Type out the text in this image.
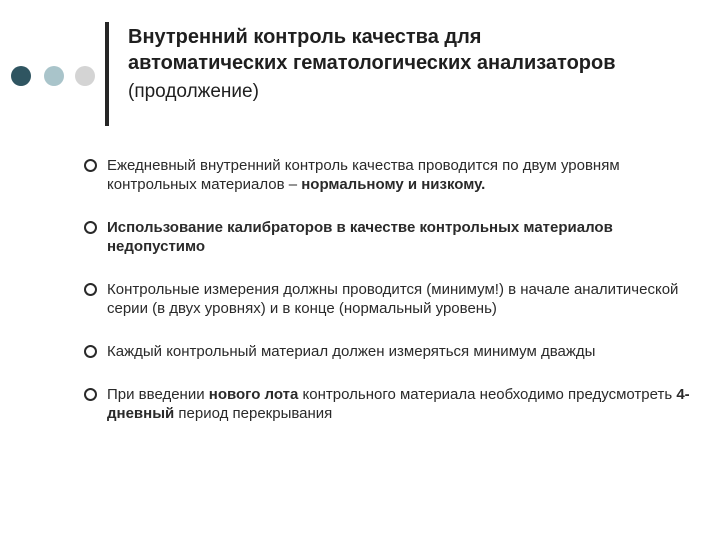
Внутренний контроль качества для
автоматических гематологических анализаторов
(продолжение)
Ежедневный внутренний контроль качества проводится по двум уровням контрольных материалов – нормальному и низкому.
Использование калибраторов в качестве контрольных материалов недопустимо
Контрольные измерения должны проводится (минимум!) в начале аналитической серии (в двух уровнях) и в конце (нормальный уровень)
Каждый контрольный материал должен измеряться минимум дважды
При введении нового лота контрольного материала необходимо предусмотреть 4-дневный период перекрывания
